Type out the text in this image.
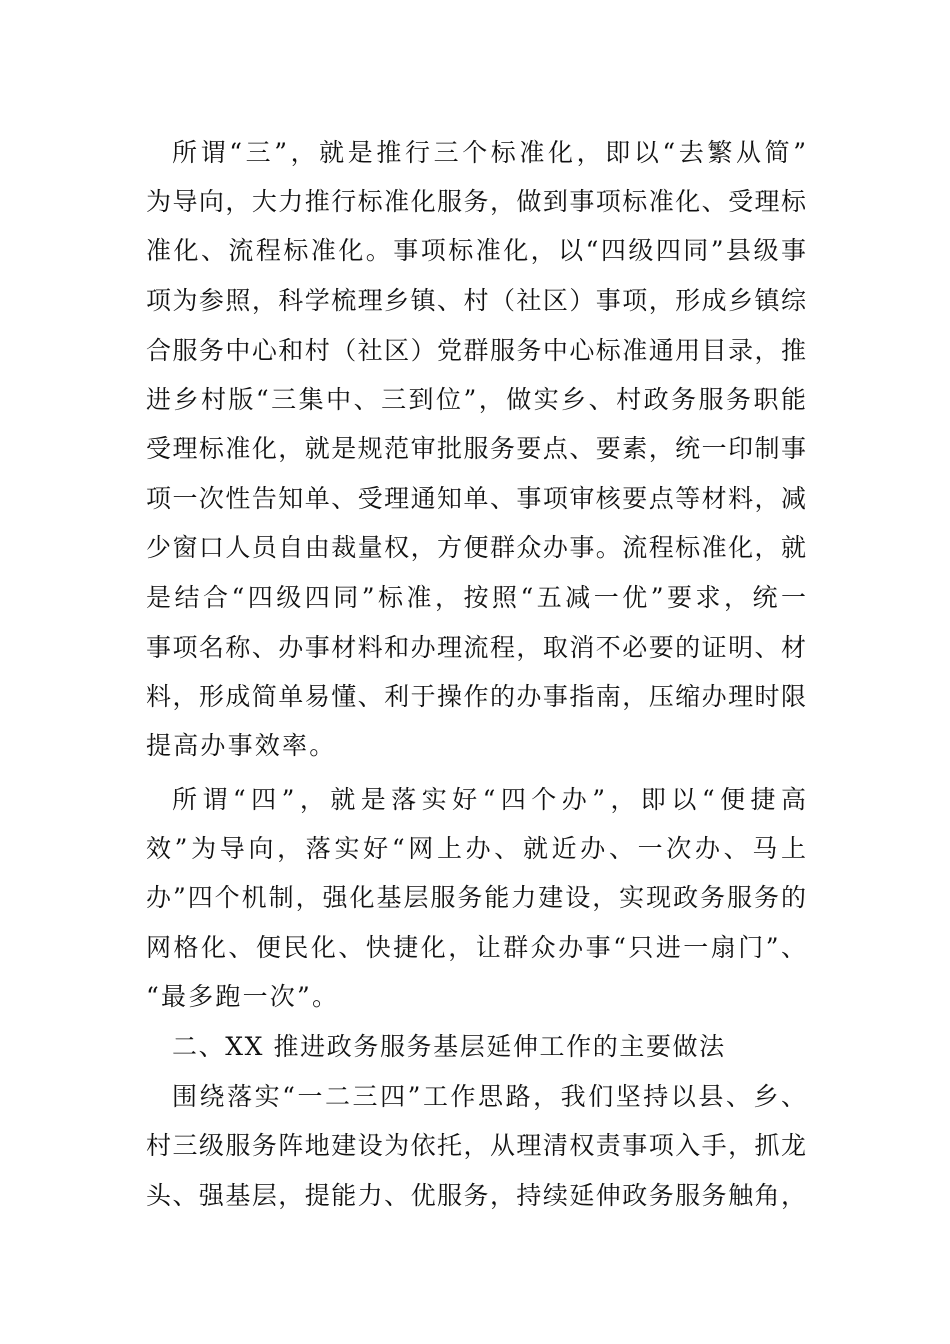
所谓“三”，就是推行三个标准化，即以“去繁从简”

为导向，大力推行标准化服务，做到事项标准化、受理标

准化、流程标准化。事项标准化，以“四级四同”县级事

项为参照，科学梳理乡镇、村（社区）事项，形成乡镇综

合服务中心和村（社区）党群服务中心标准通用目录，推

进乡村版“三集中、三到位”，做实乡、村政务服务职能

受理标准化，就是规范审批服务要点、要素，统一印制事

项一次性告知单、受理通知单、事项审核要点等材料，减

少窗口人员自由裁量权，方便群众办事。流程标准化，就

是结合“四级四同”标准，按照“五减一优”要求，统一

事项名称、办事材料和办理流程，取消不必要的证明、材

料，形成简单易懂、利于操作的办事指南，压缩办理时限

提高办事效率。

所谓“四”，就是落实好“四个办”，即以“便捷高

效”为导向，落实好“网上办、就近办、一次办、马上

办”四个机制，强化基层服务能力建设，实现政务服务的

网格化、便民化、快捷化，让群众办事“只进一扇门”、

“最多跑一次”。

二、XX 推进政务服务基层延伸工作的主要做法

围绕落实“一二三四”工作思路，我们坚持以县、乡、

村三级服务阵地建设为依托，从理清权责事项入手，抓龙

头、强基层，提能力、优服务，持续延伸政务服务触角，
